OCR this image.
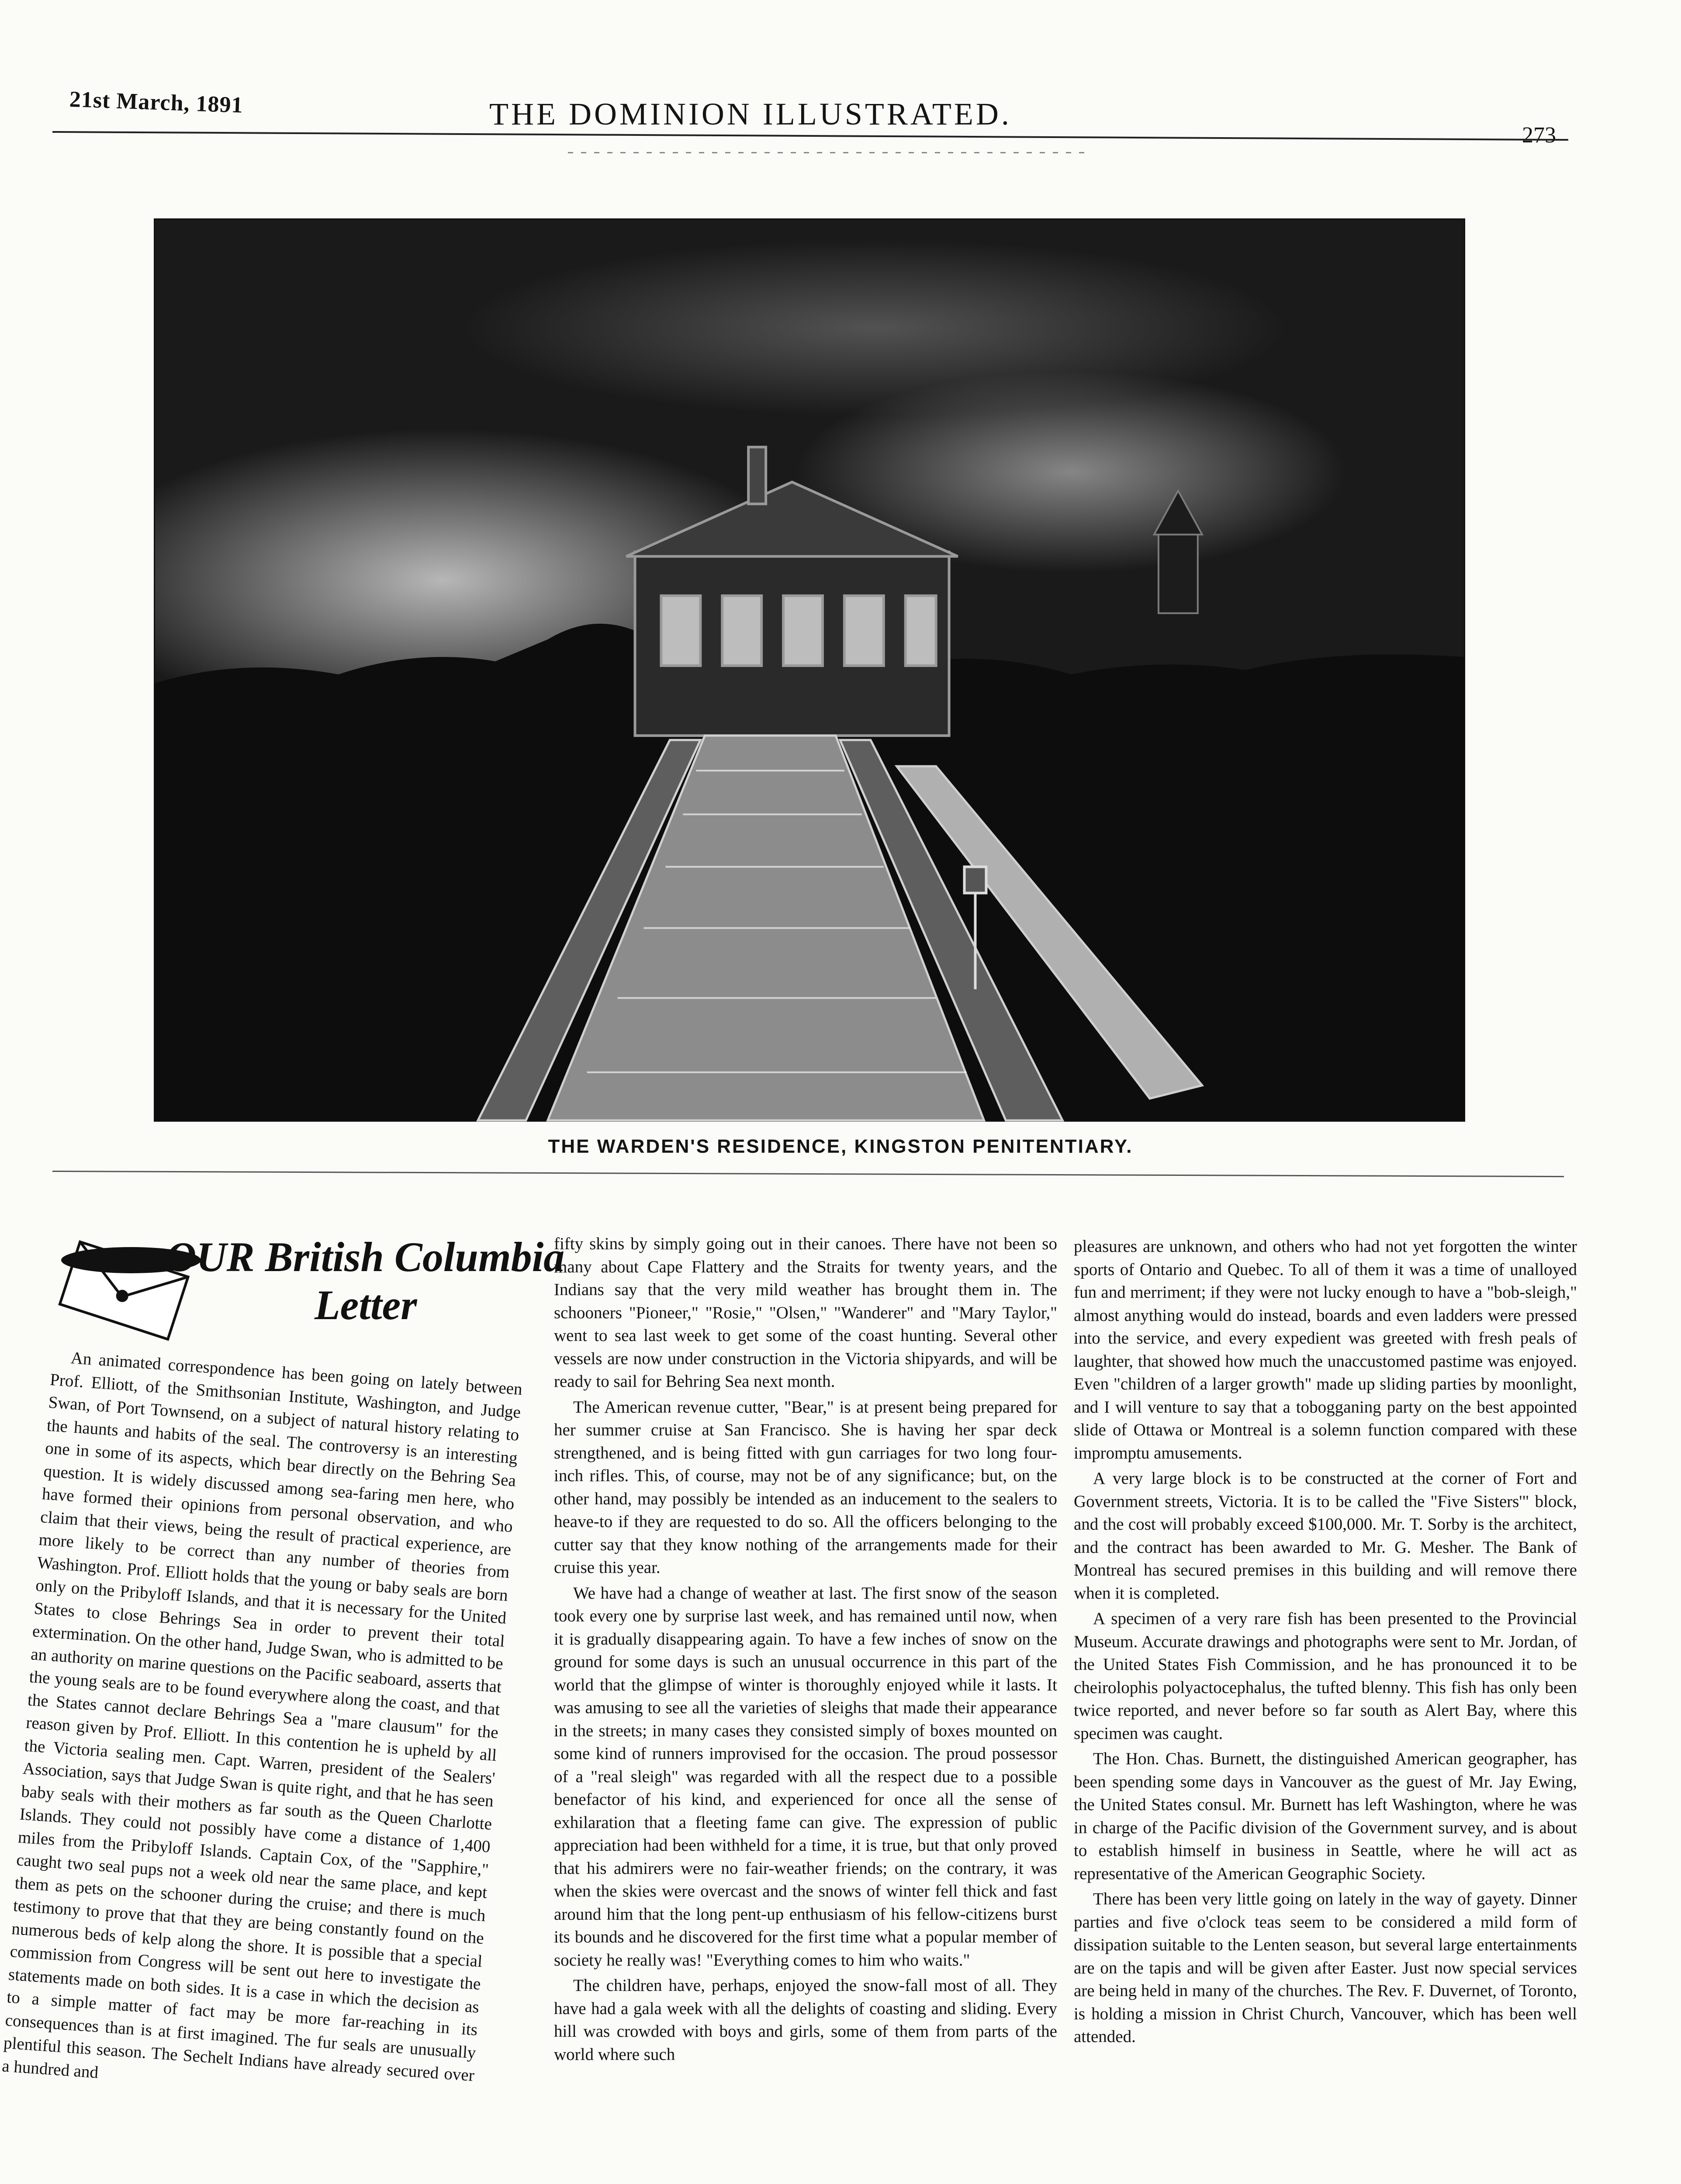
21st March, 1891	THE DOMINION ILLUSTRATED.
273
THE WARDEN'S RESIDENCE, KINGSTON PENITENTIARY.
OUR British Columbia
Letter

An animated correspondence has been going on lately between Prof. Elliott, of the Smithsonian Institute, Washington, and Judge Swan, of Port Townsend, on a subject of natural history relating to the haunts and habits of the seal. The controversy is an interesting one in some of its aspects, which bear directly on the Behring Sea question. It is widely discussed among sea-faring men here, who have formed their opinions from personal observation, and who claim that their views, being the result of practical experience, are more likely to be correct than any number of theories from Washington. Prof. Elliott holds that the young or baby seals are born only on the Pribyloff Islands, and that it is necessary for the United States to close Behrings Sea in order to prevent their total extermination. On the other hand, Judge Swan, who is admitted to be an authority on marine questions on the Pacific seaboard, asserts that the young seals are to be found everywhere along the coast, and that the States cannot declare Behrings Sea a "mare clausum" for the reason given by Prof. Elliott. In this contention he is upheld by all the Victoria sealing men. Capt. Warren, president of the Sealers' Association, says that Judge Swan is quite right, and that he has seen baby seals with their mothers as far south as the Queen Charlotte Islands. They could not possibly have come a distance of 1,400 miles from the Pribyloff Islands. Captain Cox, of the "Sapphire," caught two seal pups not a week old near the same place, and kept them as pets on the schooner during the cruise; and there is much testimony to prove that that they are being constantly found on the numerous beds of kelp along the shore. It is possible that a special commission from Congress will be sent out here to investigate the statements made on both sides. It is a case in which the decision as to a simple matter of fact may be more far-reaching in its consequences than is at first imagined. The fur seals are unusually plentiful this season. The Sechelt Indians have already secured over a hundred and

fifty skins by simply going out in their canoes. There have not been so many about Cape Flattery and the Straits for twenty years, and the Indians say that the very mild weather has brought them in. The schooners "Pioneer," "Rosie," "Olsen," "Wanderer" and "Mary Taylor," went to sea last week to get some of the coast hunting. Several other vessels are now under construction in the Victoria shipyards, and will be ready to sail for Behring Sea next month.

The American revenue cutter, "Bear," is at present being prepared for her summer cruise at San Francisco. She is having her spar deck strengthened, and is being fitted with gun carriages for two long four-inch rifles. This, of course, may not be of any significance; but, on the other hand, may possibly be intended as an inducement to the sealers to heave-to if they are requested to do so. All the officers belonging to the cutter say that they know nothing of the arrangements made for their cruise this year.

We have had a change of weather at last. The first snow of the season took every one by surprise last week, and has remained until now, when it is gradually disappearing again. To have a few inches of snow on the ground for some days is such an unusual occurrence in this part of the world that the glimpse of winter is thoroughly enjoyed while it lasts. It was amusing to see all the varieties of sleighs that made their appearance in the streets; in many cases they consisted simply of boxes mounted on some kind of runners improvised for the occasion. The proud possessor of a "real sleigh" was regarded with all the respect due to a possible benefactor of his kind, and experienced for once all the sense of exhilaration that a fleeting fame can give. The expression of public appreciation had been withheld for a time, it is true, but that only proved that his admirers were no fair-weather friends; on the contrary, it was when the skies were overcast and the snows of winter fell thick and fast around him that the long pent-up enthusiasm of his fellow-citizens burst its bounds and he discovered for the first time what a popular member of society he really was! "Everything comes to him who waits."

The children have, perhaps, enjoyed the snow-fall most of all. They have had a gala week with all the delights of coasting and sliding. Every hill was crowded with boys and girls, some of them from parts of the world where such

pleasures are unknown, and others who had not yet forgotten the winter sports of Ontario and Quebec. To all of them it was a time of unalloyed fun and merriment; if they were not lucky enough to have a "bob-sleigh," almost anything would do instead, boards and even ladders were pressed into the service, and every expedient was greeted with fresh peals of laughter, that showed how much the unaccustomed pastime was enjoyed. Even "children of a larger growth" made up sliding parties by moonlight, and I will venture to say that a tobogganing party on the best appointed slide of Ottawa or Montreal is a solemn function compared with these impromptu amusements.

A very large block is to be constructed at the corner of Fort and Government streets, Victoria. It is to be called the "Five Sisters'" block, and the cost will probably exceed $100,000. Mr. T. Sorby is the architect, and the contract has been awarded to Mr. G. Mesher. The Bank of Montreal has secured premises in this building and will remove there when it is completed.

A specimen of a very rare fish has been presented to the Provincial Museum. Accurate drawings and photographs were sent to Mr. Jordan, of the United States Fish Commission, and he has pronounced it to be cheirolophis polyactocephalus, the tufted blenny. This fish has only been twice reported, and never before so far south as Alert Bay, where this specimen was caught.

The Hon. Chas. Burnett, the distinguished American geographer, has been spending some days in Vancouver as the guest of Mr. Jay Ewing, the United States consul. Mr. Burnett has left Washington, where he was in charge of the Pacific division of the Government survey, and is about to establish himself in business in Seattle, where he will act as representative of the American Geographic Society.

There has been very little going on lately in the way of gayety. Dinner parties and five o'clock teas seem to be considered a mild form of dissipation suitable to the Lenten season, but several large entertainments are on the tapis and will be given after Easter. Just now special services are being held in many of the churches. The Rev. F. Duvernet, of Toronto, is holding a mission in Christ Church, Vancouver, which has been well attended.
